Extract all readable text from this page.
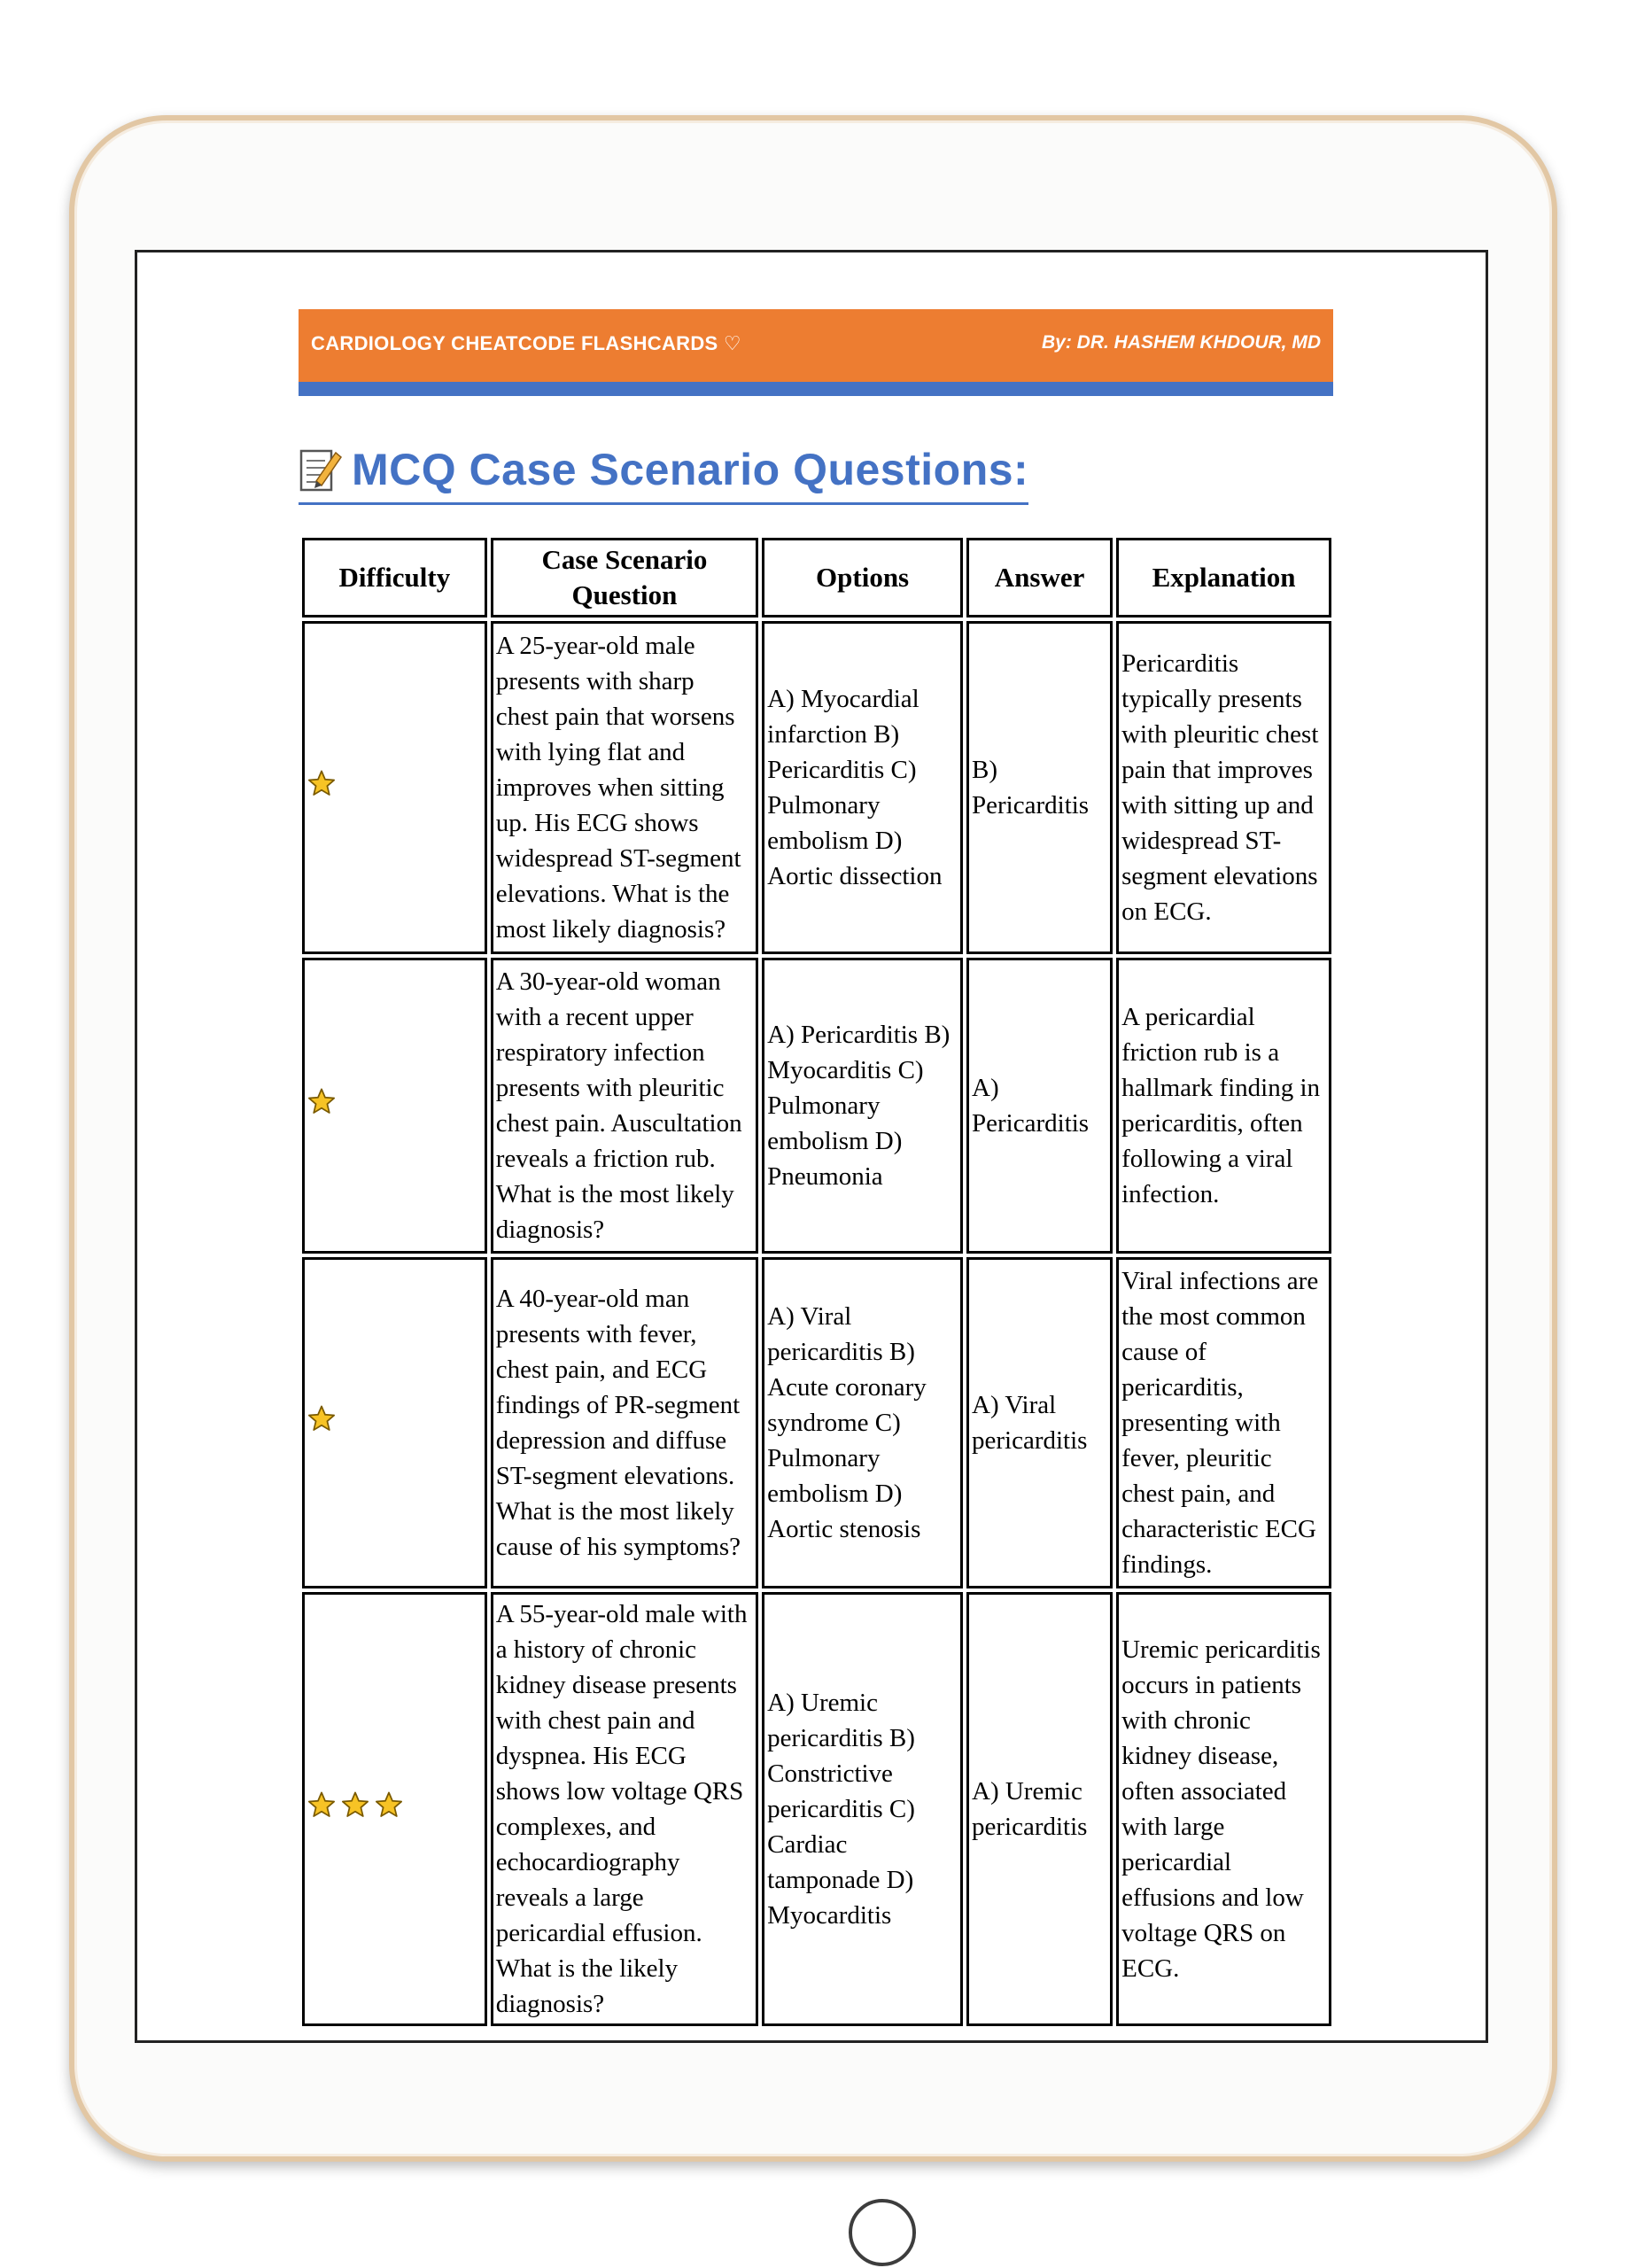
CARDIOLOGY CHEATCODE FLASHCARDS ♡	By: DR. HASHEM KHDOUR, MD
MCQ Case Scenario Questions:
Difficulty	Case Scenario Question	Options	Answer	Explanation

	A 25-year-old male presents with sharp chest pain that worsens with lying flat and improves when sitting up. His ECG shows widespread ST-segment elevations. What is the most likely diagnosis?	A) Myocardial infarction B) Pericarditis C) Pulmonary embolism D) Aortic dissection	B) Pericarditis	Pericarditis typically presents with pleuritic chest pain that improves with sitting up and widespread ST-segment elevations on ECG.

	A 30-year-old woman with a recent upper respiratory infection presents with pleuritic chest pain. Auscultation reveals a friction rub. What is the most likely diagnosis?	A) Pericarditis B) Myocarditis C) Pulmonary embolism D) Pneumonia	A) Pericarditis	A pericardial friction rub is a hallmark finding in pericarditis, often following a viral infection.

	A 40-year-old man presents with fever, chest pain, and ECG findings of PR-segment depression and diffuse ST-segment elevations. What is the most likely cause of his symptoms?	A) Viral pericarditis B) Acute coronary syndrome C) Pulmonary embolism D) Aortic stenosis	A) Viral pericarditis	Viral infections are the most common cause of pericarditis, presenting with fever, pleuritic chest pain, and characteristic ECG findings.

	A 55-year-old male with a history of chronic kidney disease presents with chest pain and dyspnea. His ECG shows low voltage QRS complexes, and echocardiography reveals a large pericardial effusion. What is the likely diagnosis?	A) Uremic pericarditis B) Constrictive pericarditis C) Cardiac tamponade D) Myocarditis	A) Uremic pericarditis	Uremic pericarditis occurs in patients with chronic kidney disease, often associated with large pericardial effusions and low voltage QRS on ECG.
